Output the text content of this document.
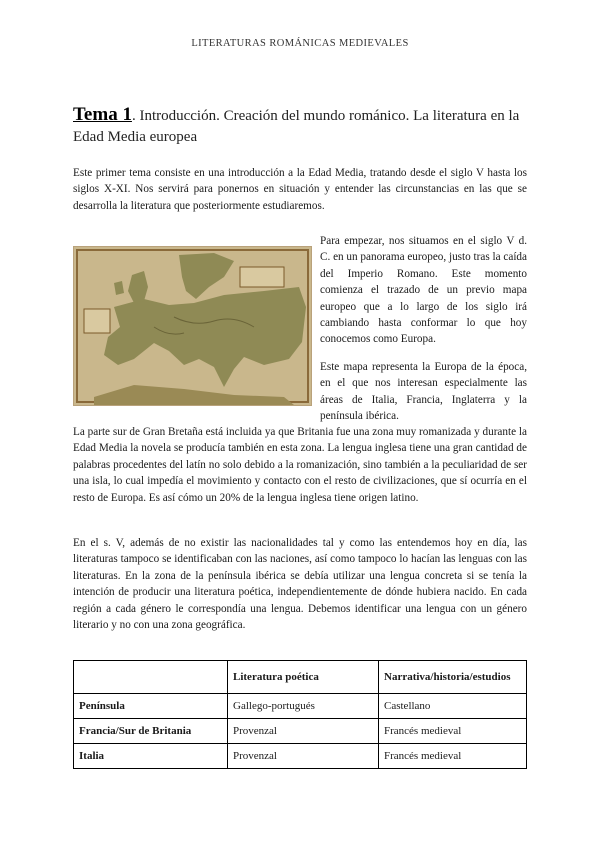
LITERATURAS ROMÁNICAS MEDIEVALES
Tema 1. Introducción. Creación del mundo románico. La literatura en la Edad Media europea

Este primer tema consiste en una introducción a la Edad Media, tratando desde el siglo V hasta los siglos X-XI. Nos servirá para ponernos en situación y entender las circunstancias en las que se desarrolla la literatura que posteriormente estudiaremos.

Para empezar, nos situamos en el siglo V d. C. en un panorama europeo, justo tras la caída del Imperio Romano. Este momento comienza el trazado de un previo mapa europeo que a lo largo de los siglo irá cambiando hasta conformar lo que hoy conocemos como Europa.

Este mapa representa la Europa de la época, en el que nos interesan especialmente las áreas de Italia, Francia, Inglaterra y la península ibérica.

La parte sur de Gran Bretaña está incluida ya que Britania fue una zona muy romanizada y durante la Edad Media la novela se producía también en esta zona. La lengua inglesa tiene una gran cantidad de palabras procedentes del latín no solo debido a la romanización, sino también a la peculiaridad de ser una isla, lo cual impedía el movimiento y contacto con el resto de civilizaciones, que sí ocurría en el resto de Europa. Es así cómo un 20% de la lengua inglesa tiene origen latino.

En el s. V, además de no existir las nacionalidades tal y como las entendemos hoy en día, las literaturas tampoco se identificaban con las naciones, así como tampoco lo hacían las lenguas con las literaturas. En la zona de la península ibérica se debía utilizar una lengua concreta si se tenía la intención de producir una literatura poética, independientemente de dónde hubiera nacido. En cada región a cada género le correspondía una lengua. Debemos identificar una lengua con un género literario y no con una zona geográfica.

	Literatura poética	Narrativa/historia/estudios
Península	Gallego-portugués	Castellano
Francia/Sur de Britania	Provenzal	Francés medieval
Italia	Provenzal	Francés medieval
